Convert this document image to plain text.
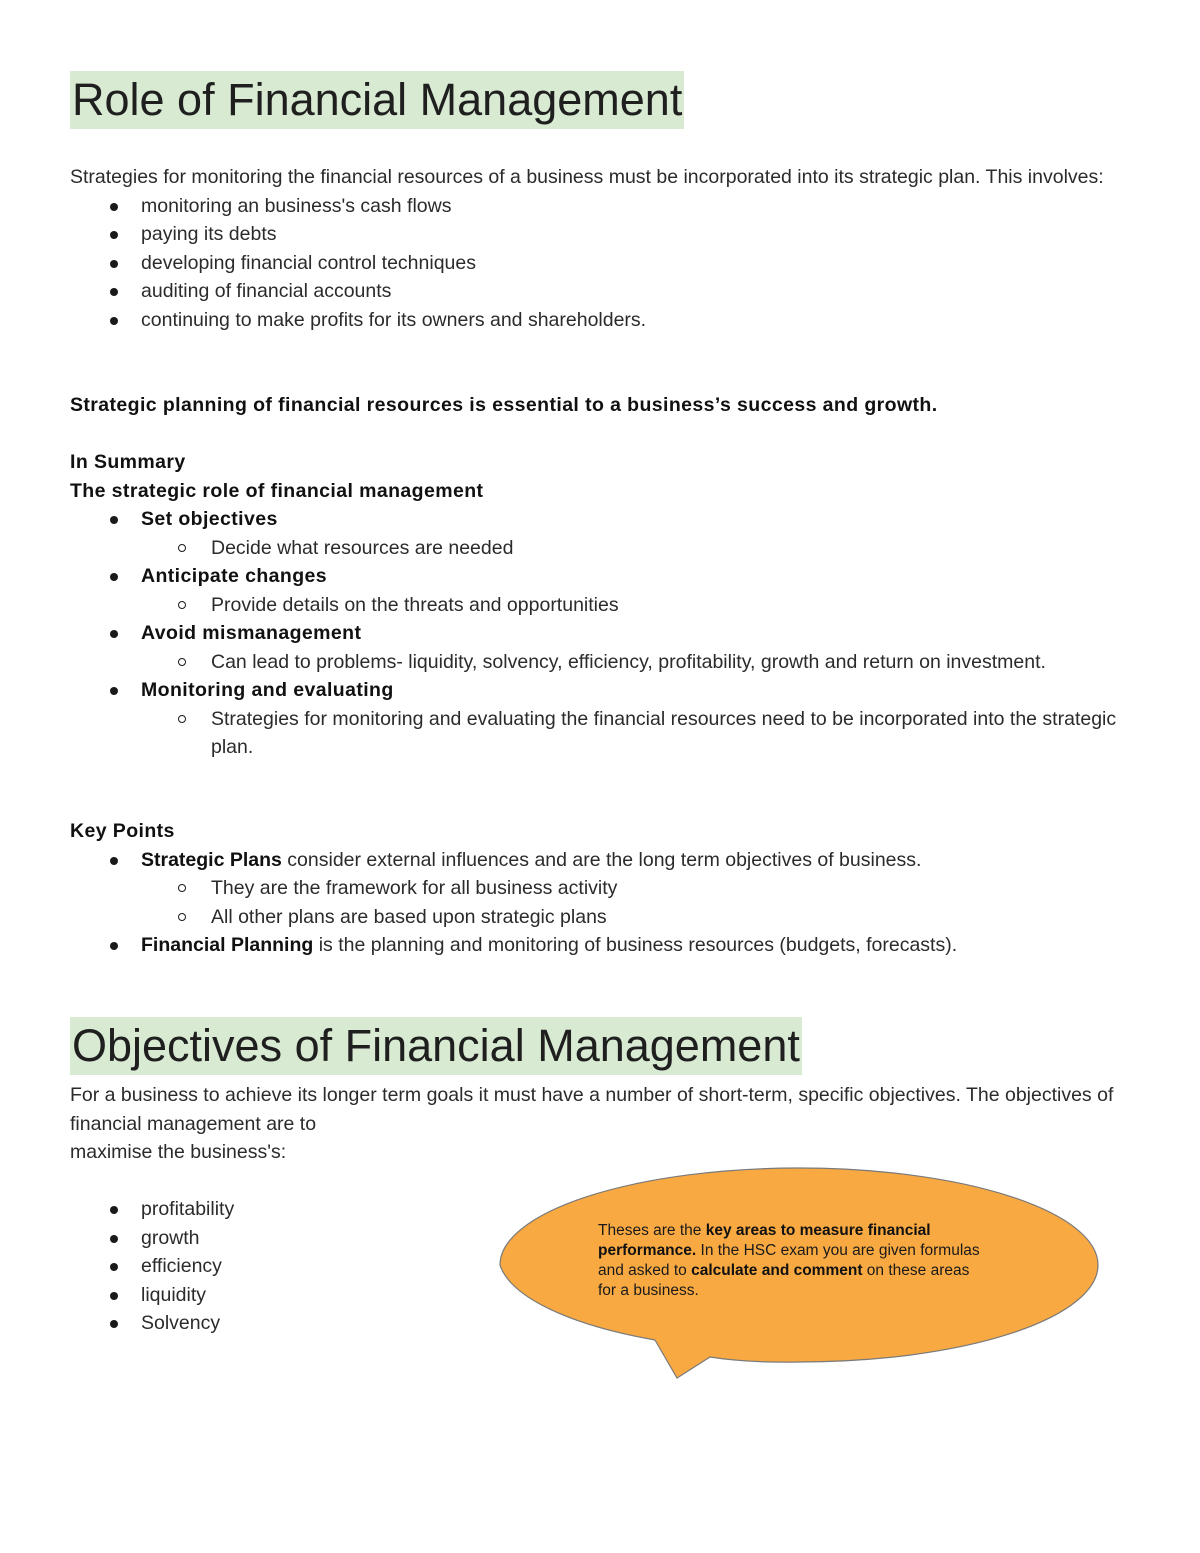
Role of Financial Management
Strategies for monitoring the financial resources of a business must be incorporated into its strategic plan. This involves:
monitoring an business's cash flows
paying its debts
developing financial control techniques
auditing of financial accounts
continuing to make profits for its owners and shareholders.
Strategic planning of financial resources is essential to a business’s success and growth.
In Summary
The strategic role of financial management
Set objectives
Decide what resources are needed
Anticipate changes
Provide details on the threats and opportunities
Avoid mismanagement
Can lead to problems- liquidity, solvency, efficiency, profitability, growth and return on investment.
Monitoring and evaluating
Strategies for monitoring and evaluating the financial resources need to be incorporated into the strategic plan.
Key Points
Strategic Plans consider external influences and are the long term objectives of business.
They are the framework for all business activity
All other plans are based upon strategic plans
Financial Planning is the planning and monitoring of business resources (budgets, forecasts).
Objectives of Financial Management
For a business to achieve its longer term goals it must have a number of short-term, specific objectives. The objectives of financial management are to
maximise the business's:
profitability
growth
efficiency
liquidity
Solvency
Theses are the key areas to measure financial performance. In the HSC exam you are given formulas and asked to calculate and comment on these areas for a business.
